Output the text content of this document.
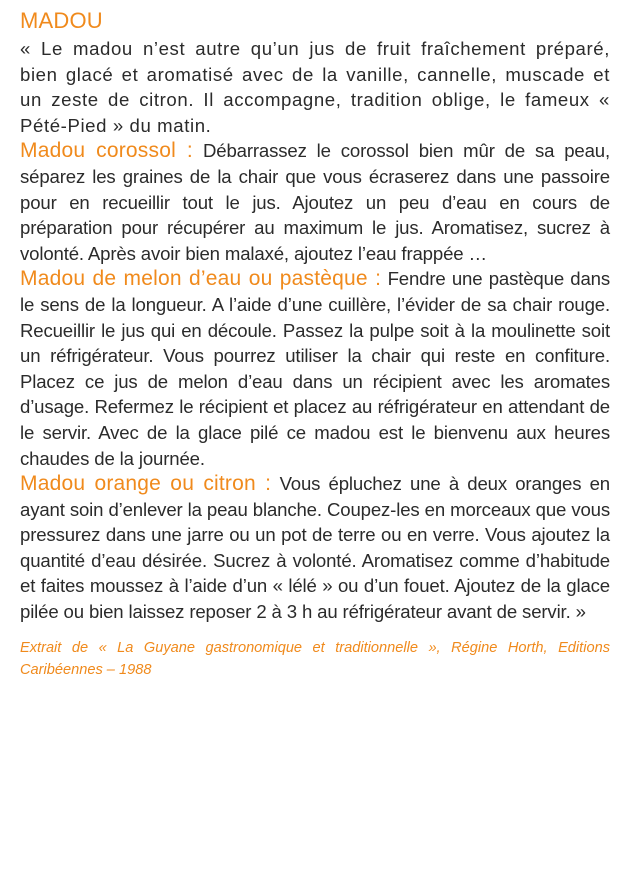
MADOU

« Le madou n’est autre qu’un jus de fruit fraîchement préparé, bien glacé et aromatisé avec de la vanille, cannelle, muscade et un zeste de citron. Il accompagne, tradition oblige, le fameux « Pété-Pied » du matin.

Madou corossol : Débarrassez le corossol bien mûr de sa peau, séparez les graines de la chair que vous écraserez dans une passoire pour en recueillir tout le jus. Ajoutez un peu d’eau en cours de préparation pour récupérer au maximum le jus. Aromatisez, sucrez à volonté. Après avoir bien malaxé, ajoutez l’eau frappée …

Madou de melon d’eau ou pastèque : Fendre une pastèque dans le sens de la longueur. A l’aide d’une cuillère, l’évider de sa chair rouge. Recueillir le jus qui en découle. Passez la pulpe soit à la moulinette soit un réfrigérateur. Vous pourrez utiliser la chair qui reste en confiture. Placez ce jus de melon d’eau dans un récipient avec les aromates d’usage. Refermez le récipient et placez au réfrigérateur en attendant de le servir. Avec de la glace pilé ce madou est le bienvenu aux heures chaudes de la journée.

Madou orange ou citron : Vous épluchez une à deux oranges en ayant soin d’enlever la peau blanche. Coupez-les en morceaux que vous pressurez dans une jarre ou un pot de terre ou en verre. Vous ajoutez la quantité d’eau désirée. Sucrez à volonté. Aromatisez comme d’habitude et faites moussez à l’aide d’un « lélé » ou d’un fouet. Ajoutez de la glace pilée ou bien laissez reposer 2 à 3 h au réfrigérateur avant de servir. »

Extrait de « La Guyane gastronomique et traditionnelle », Régine Horth, Editions Caribéennes – 1988
